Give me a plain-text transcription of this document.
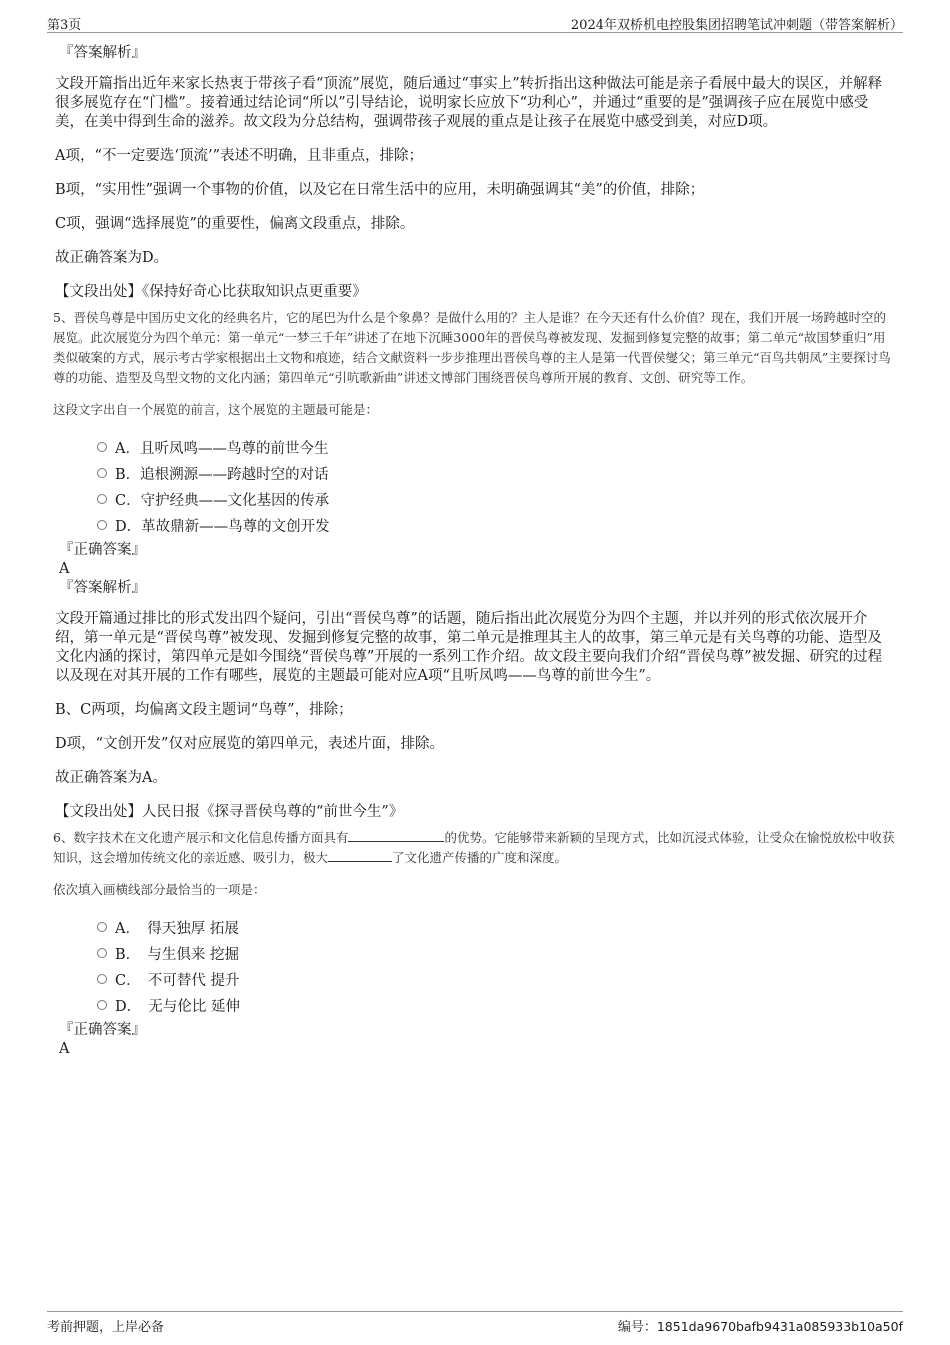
第3页	2024年双桥机电控股集团招聘笔试冲刺题（带答案解析）
『答案解析』
文段开篇指出近年来家长热衷于带孩子看“顶流”展览，随后通过“事实上”转折指出这种做法可能是亲子看展中最大的误区，并解释很多展览存在“门槛”。接着通过结论词“所以”引导结论，说明家长应放下“功利心”，并通过“重要的是”强调孩子应在展览中感受美，在美中得到生命的滋养。故文段为分总结构，强调带孩子观展的重点是让孩子在展览中感受到美，对应D项。
A项，“不一定要选‘顶流’”表述不明确，且非重点，排除；
B项，“实用性”强调一个事物的价值，以及它在日常生活中的应用，未明确强调其“美”的价值，排除；
C项，强调“选择展览”的重要性，偏离文段重点，排除。
故正确答案为D。
【文段出处】《保持好奇心比获取知识点更重要》
5、晋侯鸟尊是中国历史文化的经典名片，它的尾巴为什么是个象鼻？是做什么用的？主人是谁？在今天还有什么价值？现在，我们开展一场跨越时空的展览。此次展览分为四个单元：第一单元“一梦三千年”讲述了在地下沉睡3000年的晋侯鸟尊被发现、发掘到修复完整的故事；第二单元“故国梦重归”用类似破案的方式，展示考古学家根据出土文物和痕迹，结合文献资料一步步推理出晋侯鸟尊的主人是第一代晋侯燮父；第三单元“百鸟共朝凤”主要探讨鸟尊的功能、造型及鸟型文物的文化内涵；第四单元“引吭歌新曲”讲述文博部门围绕晋侯鸟尊所开展的教育、文创、研究等工作。
这段文字出自一个展览的前言，这个展览的主题最可能是：
A．且听凤鸣——鸟尊的前世今生
B．追根溯源——跨越时空的对话
C．守护经典——文化基因的传承
D．革故鼎新——鸟尊的文创开发
『正确答案』
A
『答案解析』
文段开篇通过排比的形式发出四个疑问，引出“晋侯鸟尊”的话题，随后指出此次展览分为四个主题，并以并列的形式依次展开介绍，第一单元是“晋侯鸟尊”被发现、发掘到修复完整的故事，第二单元是推理其主人的故事，第三单元是有关鸟尊的功能、造型及文化内涵的探讨，第四单元是如今围绕“晋侯鸟尊”开展的一系列工作介绍。故文段主要向我们介绍“晋侯鸟尊”被发掘、研究的过程以及现在对其开展的工作有哪些，展览的主题最可能对应A项“且听凤鸣——鸟尊的前世今生”。
B、C两项，均偏离文段主题词“鸟尊”，排除；
D项，“文创开发”仅对应展览的第四单元，表述片面，排除。
故正确答案为A。
【文段出处】人民日报《探寻晋侯鸟尊的“前世今生”》
6、数字技术在文化遗产展示和文化信息传播方面具有	的优势。它能够带来新颖的呈现方式，比如沉浸式体验，让受众在愉悦放松中收获知识，这会增加传统文化的亲近感、吸引力，极大	了文化遗产传播的广度和深度。
依次填入画横线部分最恰当的一项是：
A．　得天独厚 拓展
B．　与生俱来 挖掘
C．　不可替代 提升
D．　无与伦比 延伸
『正确答案』
A
考前押题，上岸必备	编号：1851da9670bafb9431a085933b10a50f
